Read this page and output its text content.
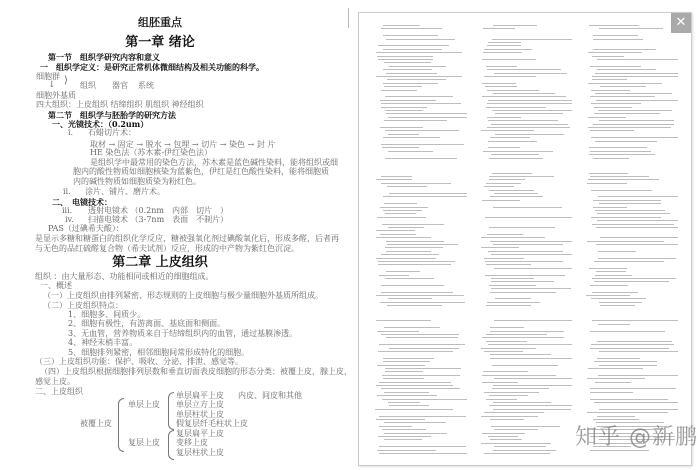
组胚重点
第一章 绪论
第一节　组织学研究内容和意义
一　组织学定义：是研究正常机体微细结构及相关功能的科学。
细胞群
↓ ⟩ 组织 器官 系统
细胞外基质
四大组织：上皮组织 结缔组织 肌组织 神经组织
第二节　组织学与胚胎学的研究方法
一、光镜技术：（0.2um）
i. 石蜡切片术：
取材 → 固定 → 脱水 → 包埋 → 切片 → 染色 → 封 片
HE 染色法（苏木素-伊红染色法）
是组织学中最常用的染色方法，苏木素是蓝色碱性染料，能将组织或细
胞内的酸性物质如细胞核染为蓝紫色，伊红是红色酸性染料，能将细胞质
内的碱性物质如细胞质染为粉红色。
ii. 涂片、铺片、磨片术。
二、 电镜技术：
iii. 透射电镜术 （0.2nm　内部　切片　）
iv. 扫描电镜术 （3-7nm　表面　不制片）
PAS（过碘希夫酸）：
是显示多糖和糖蛋白的组织化学反应，糖被强氧化剂过碘酸氧化后，形成多醛，后者再
与无色的品红硫醛复合物（希夫试剂）反应，形成的中产物为紫红色沉淀。
第二章 上皮组织
组织 ：由大量形态、功能相同或相近的细胞组成。
一、概述
（一）上皮组织由排列紧密、形态规则的上皮细胞与极少量细胞外基质所组成。
（二）上皮组织特点：
1、细胞多、间质少。
2、细胞有极性，有游离面、基底面和侧面。
3、无血管，营养物质来自于结缔组织内的血管，通过基膜渗透。
4、神经末梢丰富。
5、细胞排列紧密，相邻细胞间常形成特化的细胞。
（三）上皮组织功能：保护、吸收、分泌、排泄、感觉等。
（四）上皮组织根据细胞排列层数和垂直切面表皮细胞的形态分类：被覆上皮，腺上皮，
感觉上皮。
二、上皮组织
被覆上皮
单层上皮
复层上皮
单层扁平上皮 内皮、间皮和其他
单层立方上皮
单层柱状上皮
假复层纤毛柱状上皮
复层扁平上皮
变移上皮
复层柱状上皮
✕
知乎 @新鹏
